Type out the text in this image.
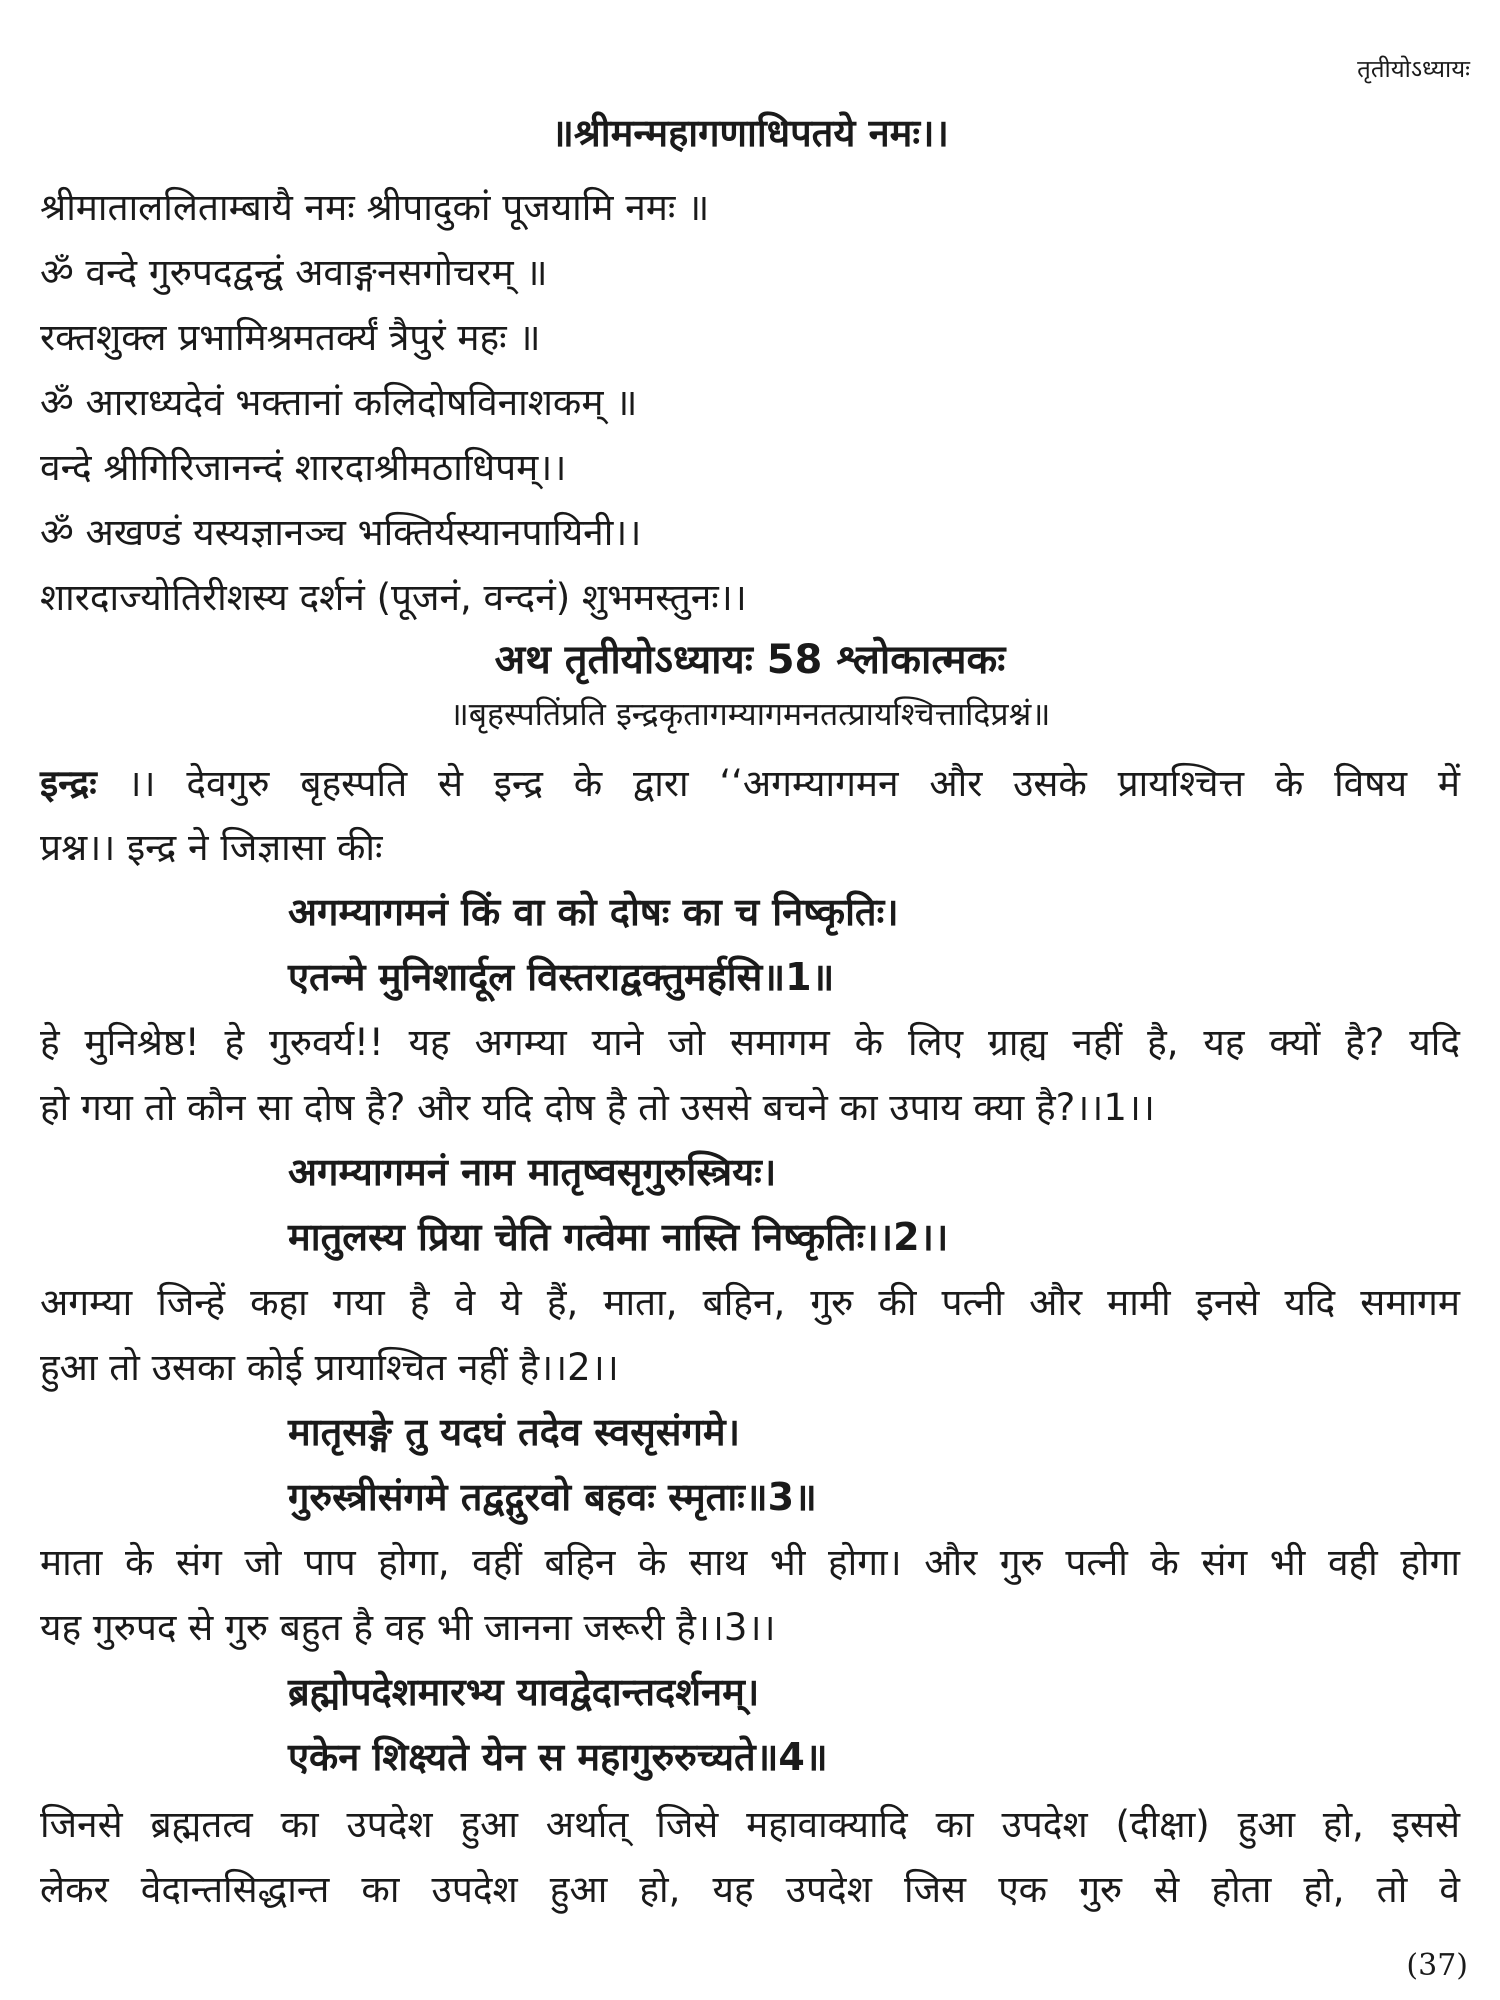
तृतीयोऽध्यायः
॥श्रीमन्महागणाधिपतये नमः।।
श्रीमाताललिताम्बायै नमः श्रीपादुकां पूजयामि नमः ॥
ॐ वन्दे गुरुपदद्वन्द्वं अवाङ्गनसगोचरम् ॥
रक्तशुक्ल प्रभामिश्रमतर्क्यं त्रैपुरं महः ॥
ॐ आराध्यदेवं भक्तानां कलिदोषविनाशकम् ॥
वन्दे श्रीगिरिजानन्दं शारदाश्रीमठाधिपम्।।
ॐ अखण्डं यस्यज्ञानञ्च भक्तिर्यस्यानपायिनी।।
शारदाज्योतिरीशस्य दर्शनं (पूजनं, वन्दनं) शुभमस्तुनः।।
अथ तृतीयोऽध्यायः 58 श्लोकात्मकः
॥बृहस्पतिंप्रति इन्द्रकृतागम्यागमनतत्प्रायश्चित्तादिप्रश्नं॥
इन्द्रः ।। देवगुरु बृहस्पति से इन्द्र के द्वारा ‘‘अगम्यागमन और उसके प्रायश्चित्त के विषय में
प्रश्न।। इन्द्र ने जिज्ञासा कीः
अगम्यागमनं किं वा को दोषः का च निष्कृतिः।
एतन्मे मुनिशार्दूल विस्तराद्वक्तुमर्हसि॥1॥
हे मुनिश्रेष्ठ! हे गुरुवर्य!! यह अगम्या याने जो समागम के लिए ग्राह्य नहीं है, यह क्यों है? यदि
हो गया तो कौन सा दोष है? और यदि दोष है तो उससे बचने का उपाय क्या है?।।1।।
अगम्यागमनं नाम मातृष्वसृगुरुस्त्रियः।
मातुलस्य प्रिया चेति गत्वेमा नास्ति निष्कृतिः।।2।।
अगम्या जिन्हें कहा गया है वे ये हैं, माता, बहिन, गुरु की पत्नी और मामी इनसे यदि समागम
हुआ तो उसका कोई प्रायाश्चित नहीं है।।2।।
मातृसङ्गे तु यदघं तदेव स्वसृसंगमे।
गुरुस्त्रीसंगमे तद्वद्गुरवो बहवः स्मृताः॥3॥
माता के संग जो पाप होगा, वहीं बहिन के साथ भी होगा। और गुरु पत्नी के संग भी वही होगा
यह गुरुपद से गुरु बहुत है वह भी जानना जरूरी है।।3।।
ब्रह्मोपदेशमारभ्य यावद्वेदान्तदर्शनम्।
एकेन शिक्ष्यते येन स महागुरुरुच्यते॥4॥
जिनसे ब्रह्मतत्व का उपदेश हुआ अर्थात् जिसे महावाक्यादि का उपदेश (दीक्षा) हुआ हो, इससे
लेकर वेदान्तसिद्धान्त का उपदेश हुआ हो, यह उपदेश जिस एक गुरु से होता हो, तो वे
(37)
